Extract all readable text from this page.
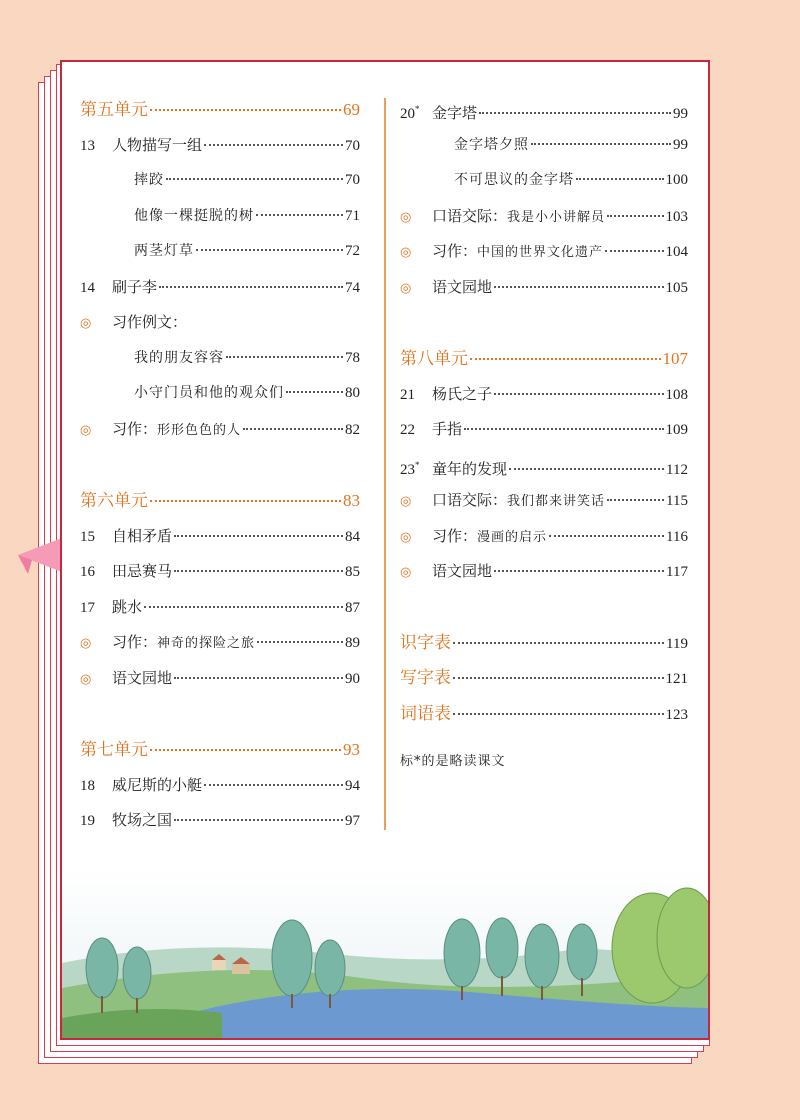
第五单元	69
13	人物描写一组	70
摔跤	70
他像一棵挺脱的树	71
两茎灯草	72
14	刷子李	74
◎	习作例文：
我的朋友容容	78
小守门员和他的观众们	80
◎	习作：形形色色的人	82
第六单元	83
15	自相矛盾	84
16	田忌赛马	85
17	跳水	87
◎	习作：神奇的探险之旅	89
◎	语文园地	90
第七单元	93
18	威尼斯的小艇	94
19	牧场之国	97
20* 金字塔	99
金字塔夕照	99
不可思议的金字塔	100
◎	口语交际：我是小小讲解员	103
◎	习作：中国的世界文化遗产	104
◎	语文园地	105
第八单元	107
21	杨氏之子	108
22	手指	109
23* 童年的发现	112
◎	口语交际：我们都来讲笑话	115
◎	习作：漫画的启示	116
◎	语文园地	117
识字表	119
写字表	121
词语表	123
标*的是略读课文
